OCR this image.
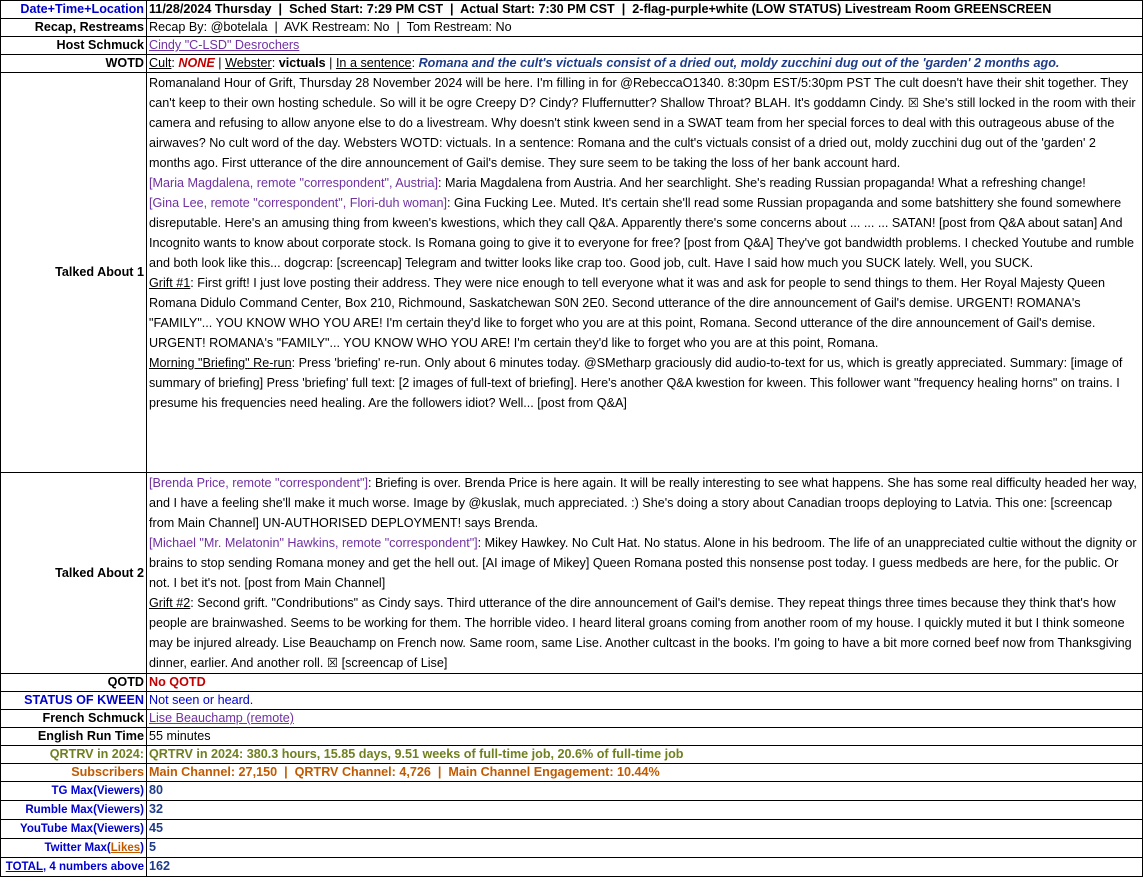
Date+Time+Location	11/28/2024 Thursday | Sched Start: 7:29 PM CST | Actual Start: 7:30 PM CST | 2-flag-purple+white (LOW STATUS) Livestream Room GREENSCREEN
Recap, Restreams	Recap By: @botelala | AVK Restream: No | Tom Restream: No
Host Schmuck	Cindy "C-LSD" Desrochers
WOTD	Cult: NONE | Webster: victuals | In a sentence: Romana and the cult's victuals consist of a dried out, moldy zucchini dug out of the 'garden' 2 months ago.
Talked About 1	Romanaland Hour of Grift, Thursday 28 November 2024 will be here. I'm filling in for @RebeccaO1340. 8:30pm EST/5:30pm PST The cult doesn't have their shit together. They can't keep to their own hosting schedule. So will it be ogre Creepy D? Cindy? Fluffernutter? Shallow Throat? BLAH. It's goddamn Cindy. ☒ She's still locked in the room with their camera and refusing to allow anyone else to do a livestream. Why doesn't stink kween send in a SWAT team from her special forces to deal with this outrageous abuse of the airwaves? No cult word of the day. Websters WOTD: victuals. In a sentence: Romana and the cult's victuals consist of a dried out, moldy zucchini dug out of the 'garden' 2 months ago. First utterance of the dire announcement of Gail's demise. They sure seem to be taking the loss of her bank account hard.
[Maria Magdalena, remote "correspondent", Austria]: Maria Magdalena from Austria. And her searchlight. She's reading Russian propaganda! What a refreshing change!
[Gina Lee, remote "correspondent", Flori-duh woman]: Gina Fucking Lee. Muted. It's certain she'll read some Russian propaganda and some batshittery she found somewhere disreputable. Here's an amusing thing from kween's kwestions, which they call Q&A. Apparently there's some concerns about ... ... ... SATAN! [post from Q&A about satan] And Incognito wants to know about corporate stock. Is Romana going to give it to everyone for free? [post from Q&A] They've got bandwidth problems. I checked Youtube and rumble and both look like this... dogcrap: [screencap] Telegram and twitter looks like crap too. Good job, cult. Have I said how much you SUCK lately. Well, you SUCK.
Grift #1: First grift! I just love posting their address. They were nice enough to tell everyone what it was and ask for people to send things to them. Her Royal Majesty Queen Romana Didulo Command Center, Box 210, Richmound, Saskatchewan S0N 2E0. Second utterance of the dire announcement of Gail's demise. URGENT! ROMANA's "FAMILY"... YOU KNOW WHO YOU ARE! I'm certain they'd like to forget who you are at this point, Romana. Second utterance of the dire announcement of Gail's demise. URGENT! ROMANA's "FAMILY"... YOU KNOW WHO YOU ARE! I'm certain they'd like to forget who you are at this point, Romana.
Morning "Briefing" Re-run: Press 'briefing' re-run. Only about 6 minutes today. @SMetharp graciously did audio-to-text for us, which is greatly appreciated. Summary: [image of summary of briefing] Press 'briefing' full text: [2 images of full-text of briefing]. Here's another Q&A kwestion for kween. This follower want "frequency healing horns" on trains. I presume his frequencies need healing. Are the followers idiot? Well... [post from Q&A]

Talked About 2	[Brenda Price, remote "correspondent"]: Briefing is over. Brenda Price is here again. It will be really interesting to see what happens. She has some real difficulty headed her way, and I have a feeling she'll make it much worse. Image by @kuslak, much appreciated. :) She's doing a story about Canadian troops deploying to Latvia. This one: [screencap from Main Channel] UN-AUTHORISED DEPLOYMENT! says Brenda.
[Michael "Mr. Melatonin" Hawkins, remote "correspondent"]: Mikey Hawkey. No Cult Hat. No status. Alone in his bedroom. The life of an unappreciated cultie without the dignity or brains to stop sending Romana money and get the hell out. [AI image of Mikey] Queen Romana posted this nonsense post today. I guess medbeds are here, for the public. Or not. I bet it's not. [post from Main Channel]
Grift #2: Second grift. "Condributions" as Cindy says. Third utterance of the dire announcement of Gail's demise. They repeat things three times because they think that's how people are brainwashed. Seems to be working for them. The horrible video. I heard literal groans coming from another room of my house. I quickly muted it but I think someone may be injured already. Lise Beauchamp on French now. Same room, same Lise. Another cultcast in the books. I'm going to have a bit more corned beef now from Thanksgiving dinner, earlier. And another roll. ☒ [screencap of Lise]

QOTD	No QOTD
STATUS OF KWEEN	Not seen or heard.
French Schmuck	Lise Beauchamp (remote)
English Run Time	55 minutes
QRTRV in 2024:	QRTRV in 2024: 380.3 hours, 15.85 days, 9.51 weeks of full-time job, 20.6% of full-time job
Subscribers	Main Channel: 27,150 | QRTRV Channel: 4,726 | Main Channel Engagement: 10.44%
TG Max(Viewers)	80
Rumble Max(Viewers)	32
YouTube Max(Viewers)	45
Twitter Max(Likes)	5
TOTAL, 4 numbers above	162
